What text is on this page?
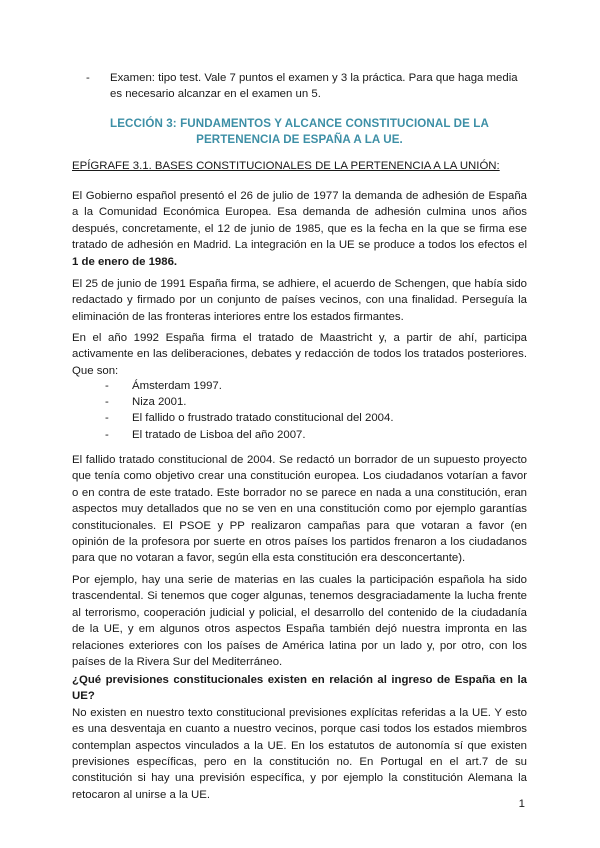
-	Examen: tipo test. Vale 7 puntos el examen y 3 la práctica. Para que haga media es necesario alcanzar en el examen un 5.
LECCIÓN 3: FUNDAMENTOS Y ALCANCE CONSTITUCIONAL DE LA PERTENENCIA DE ESPAÑA A LA UE.
EPÍGRAFE 3.1. BASES CONSTITUCIONALES DE LA PERTENENCIA A LA UNIÓN:

El Gobierno español presentó el 26 de julio de 1977 la demanda de adhesión de España a la Comunidad Económica Europea. Esa demanda de adhesión culmina unos años después, concretamente, el 12 de junio de 1985, que es la fecha en la que se firma ese tratado de adhesión en Madrid. La integración en la UE se produce a todos los efectos el 1 de enero de 1986.

El 25 de junio de 1991 España firma, se adhiere, el acuerdo de Schengen, que había sido redactado y firmado por un conjunto de países vecinos, con una finalidad. Perseguía la eliminación de las fronteras interiores entre los estados firmantes.

En el año 1992 España firma el tratado de Maastricht y, a partir de ahí, participa activamente en las deliberaciones, debates y redacción de todos los tratados posteriores. Que son:

- Ámsterdam 1997.
- Niza 2001.
- El fallido o frustrado tratado constitucional del 2004.
- El tratado de Lisboa del año 2007.

El fallido tratado constitucional de 2004. Se redactó un borrador de un supuesto proyecto que tenía como objetivo crear una constitución europea. Los ciudadanos votarían a favor o en contra de este tratado. Este borrador no se parece en nada a una constitución, eran aspectos muy detallados que no se ven en una constitución como por ejemplo garantías constitucionales. El PSOE y PP realizaron campañas para que votaran a favor (en opinión de la profesora por suerte en otros países los partidos frenaron a los ciudadanos para que no votaran a favor, según ella esta constitución era desconcertante).

Por ejemplo, hay una serie de materias en las cuales la participación española ha sido trascendental. Si tenemos que coger algunas, tenemos desgraciadamente la lucha frente al terrorismo, cooperación judicial y policial, el desarrollo del contenido de la ciudadanía de la UE, y em algunos otros aspectos España también dejó nuestra impronta en las relaciones exteriores con los países de América latina por un lado y, por otro, con los países de la Rivera Sur del Mediterráneo.

¿Qué previsiones constitucionales existen en relación al ingreso de España en la UE?
No existen en nuestro texto constitucional previsiones explícitas referidas a la UE. Y esto es una desventaja en cuanto a nuestro vecinos, porque casi todos los estados miembros contemplan aspectos vinculados a la UE. En los estatutos de autonomía sí que existen previsiones específicas, pero en la constitución no. En Portugal en el art.7 de su constitución si hay una previsión específica, y por ejemplo la constitución Alemana la retocaron al unirse a la UE.

1
